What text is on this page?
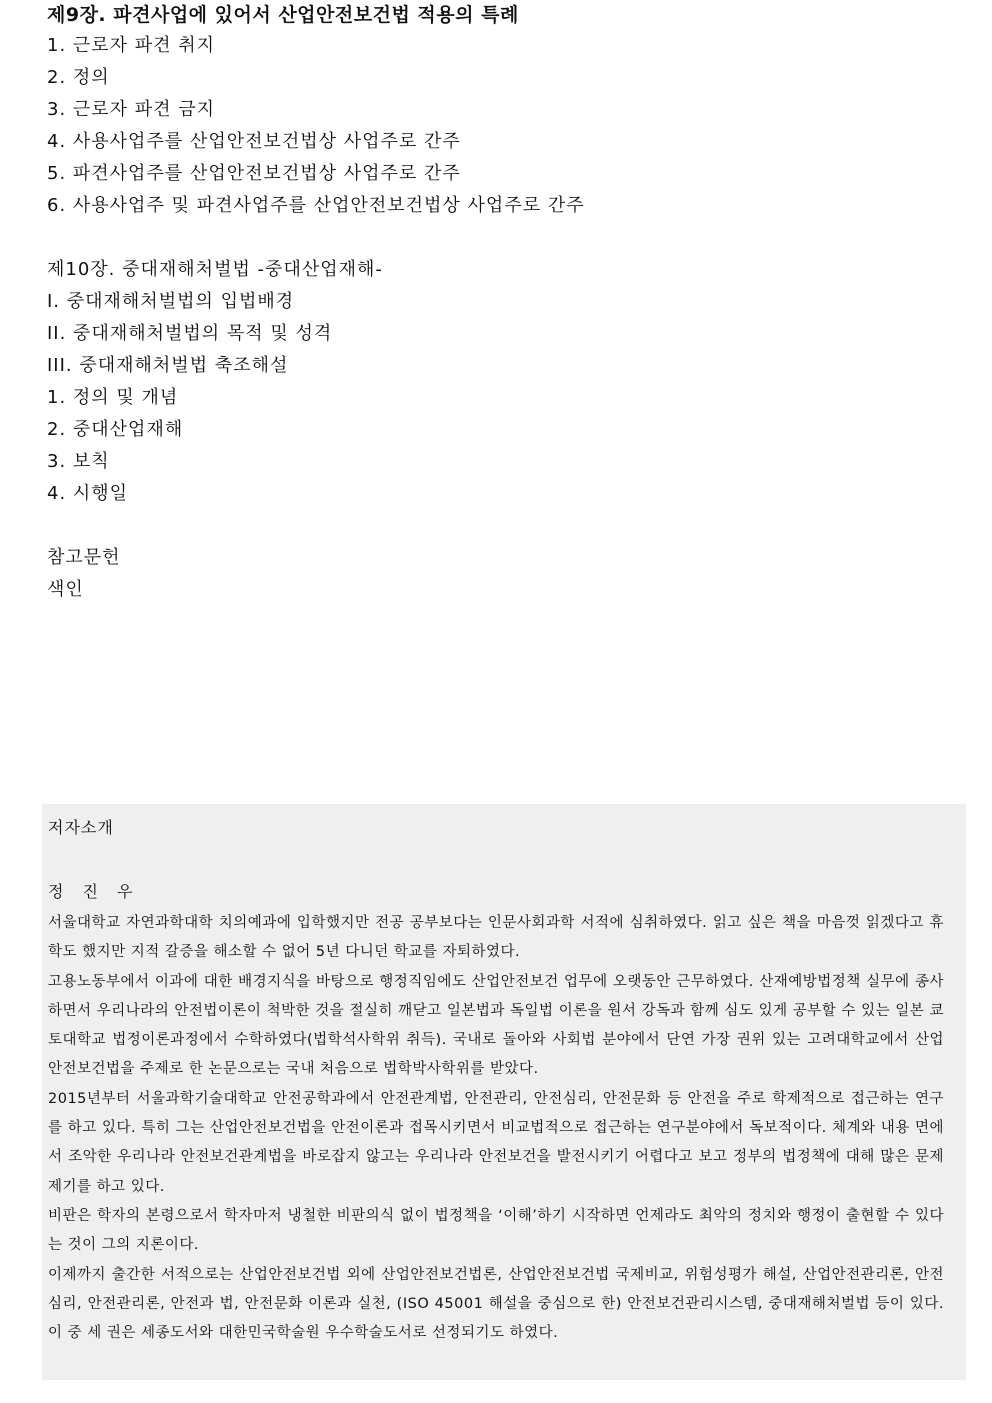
제9장. 파견사업에 있어서 산업안전보건법 적용의 특례
1. 근로자 파견 취지
2. 정의
3. 근로자 파견 금지
4. 사용사업주를 산업안전보건법상 사업주로 간주
5. 파견사업주를 산업안전보건법상 사업주로 간주
6. 사용사업주 및 파견사업주를 산업안전보건법상 사업주로 간주
제10장. 중대재해처벌법 -중대산업재해-
I. 중대재해처벌법의 입법배경
II. 중대재해처벌법의 목적 및 성격
III. 중대재해처벌법 축조해설
1. 정의 및 개념
2. 중대산업재해
3. 보칙
4. 시행일
참고문헌
색인
저자소개
정 진 우

서울대학교 자연과학대학 치의예과에 입학했지만 전공 공부보다는 인문사회과학 서적에 심취하였다. 읽고 싶은 책을 마음껏 읽겠다고 휴학도 했지만 지적 갈증을 해소할 수 없어 5년 다니던 학교를 자퇴하였다.

고용노동부에서 이과에 대한 배경지식을 바탕으로 행정직임에도 산업안전보건 업무에 오랫동안 근무하였다. 산재예방법정책 실무에 종사하면서 우리나라의 안전법이론이 척박한 것을 절실히 깨닫고 일본법과 독일법 이론을 원서 강독과 함께 심도 있게 공부할 수 있는 일본 쿄토대학교 법정이론과정에서 수학하였다(법학석사학위 취득). 국내로 돌아와 사회법 분야에서 단연 가장 권위 있는 고려대학교에서 산업안전보건법을 주제로 한 논문으로는 국내 처음으로 법학박사학위를 받았다.

2015년부터 서울과학기술대학교 안전공학과에서 안전관계법, 안전관리, 안전심리, 안전문화 등 안전을 주로 학제적으로 접근하는 연구를 하고 있다. 특히 그는 산업안전보건법을 안전이론과 접목시키면서 비교법적으로 접근하는 연구분야에서 독보적이다. 체계와 내용 면에서 조악한 우리나라 안전보건관계법을 바로잡지 않고는 우리나라 안전보건을 발전시키기 어렵다고 보고 정부의 법정책에 대해 많은 문제제기를 하고 있다.

비판은 학자의 본령으로서 학자마저 냉철한 비판의식 없이 법정책을 ‘이해’하기 시작하면 언제라도 최악의 정치와 행정이 출현할 수 있다는 것이 그의 지론이다.

이제까지 출간한 서적으로는 산업안전보건법 외에 산업안전보건법론, 산업안전보건법 국제비교, 위험성평가 해설, 산업안전관리론, 안전심리, 안전관리론, 안전과 법, 안전문화 이론과 실천, (ISO 45001 해설을 중심으로 한) 안전보건관리시스템, 중대재해처벌법 등이 있다. 이 중 세 권은 세종도서와 대한민국학술원 우수학술도서로 선정되기도 하였다.
